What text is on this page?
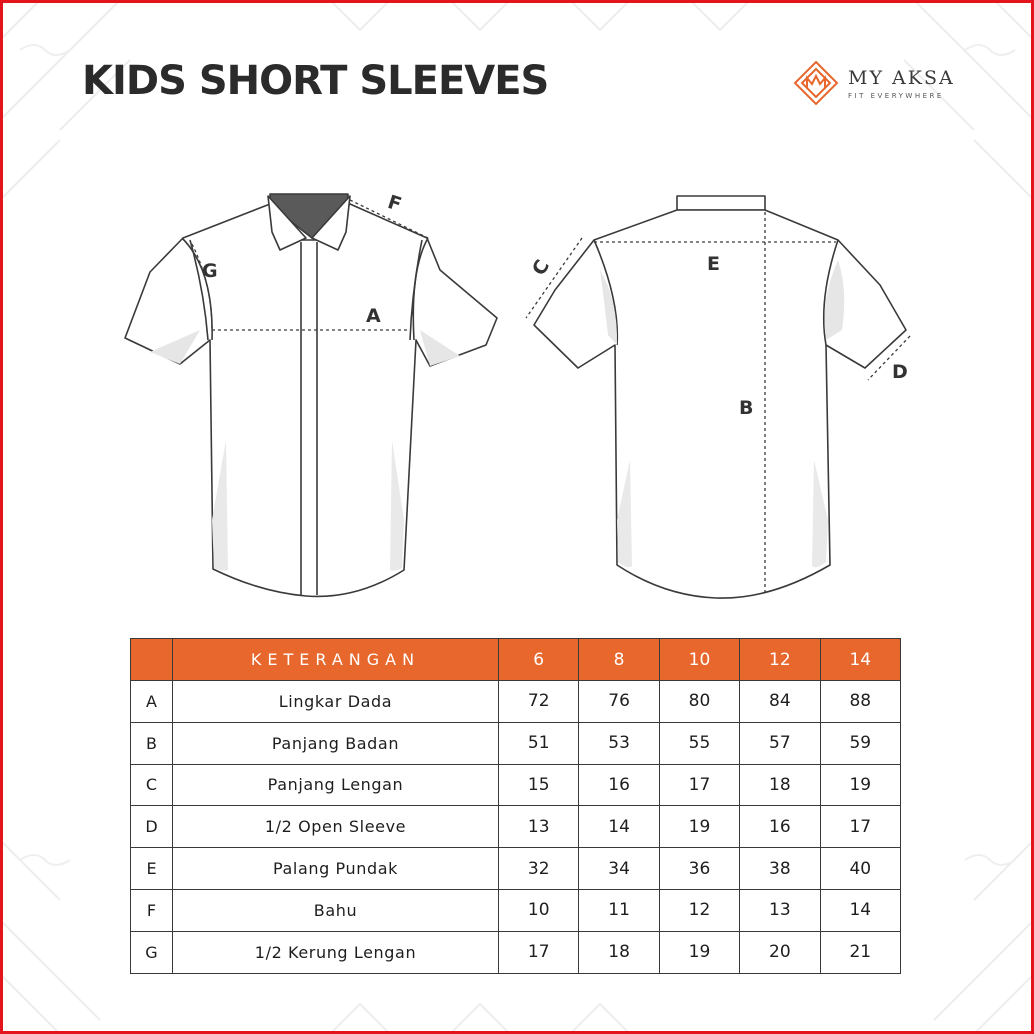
KIDS SHORT SLEEVES	MY AKSA
FIT EVERYWHERE
A
F
G	E
B
C
D
	KETERANGAN	6	8	10	12	14
A	Lingkar Dada	72	76	80	84	88
B	Panjang Badan	51	53	55	57	59
C	Panjang Lengan	15	16	17	18	19
D	1/2 Open Sleeve	13	14	19	16	17
E	Palang Pundak	32	34	36	38	40
F	Bahu	10	11	12	13	14
G	1/2 Kerung Lengan	17	18	19	20	21
